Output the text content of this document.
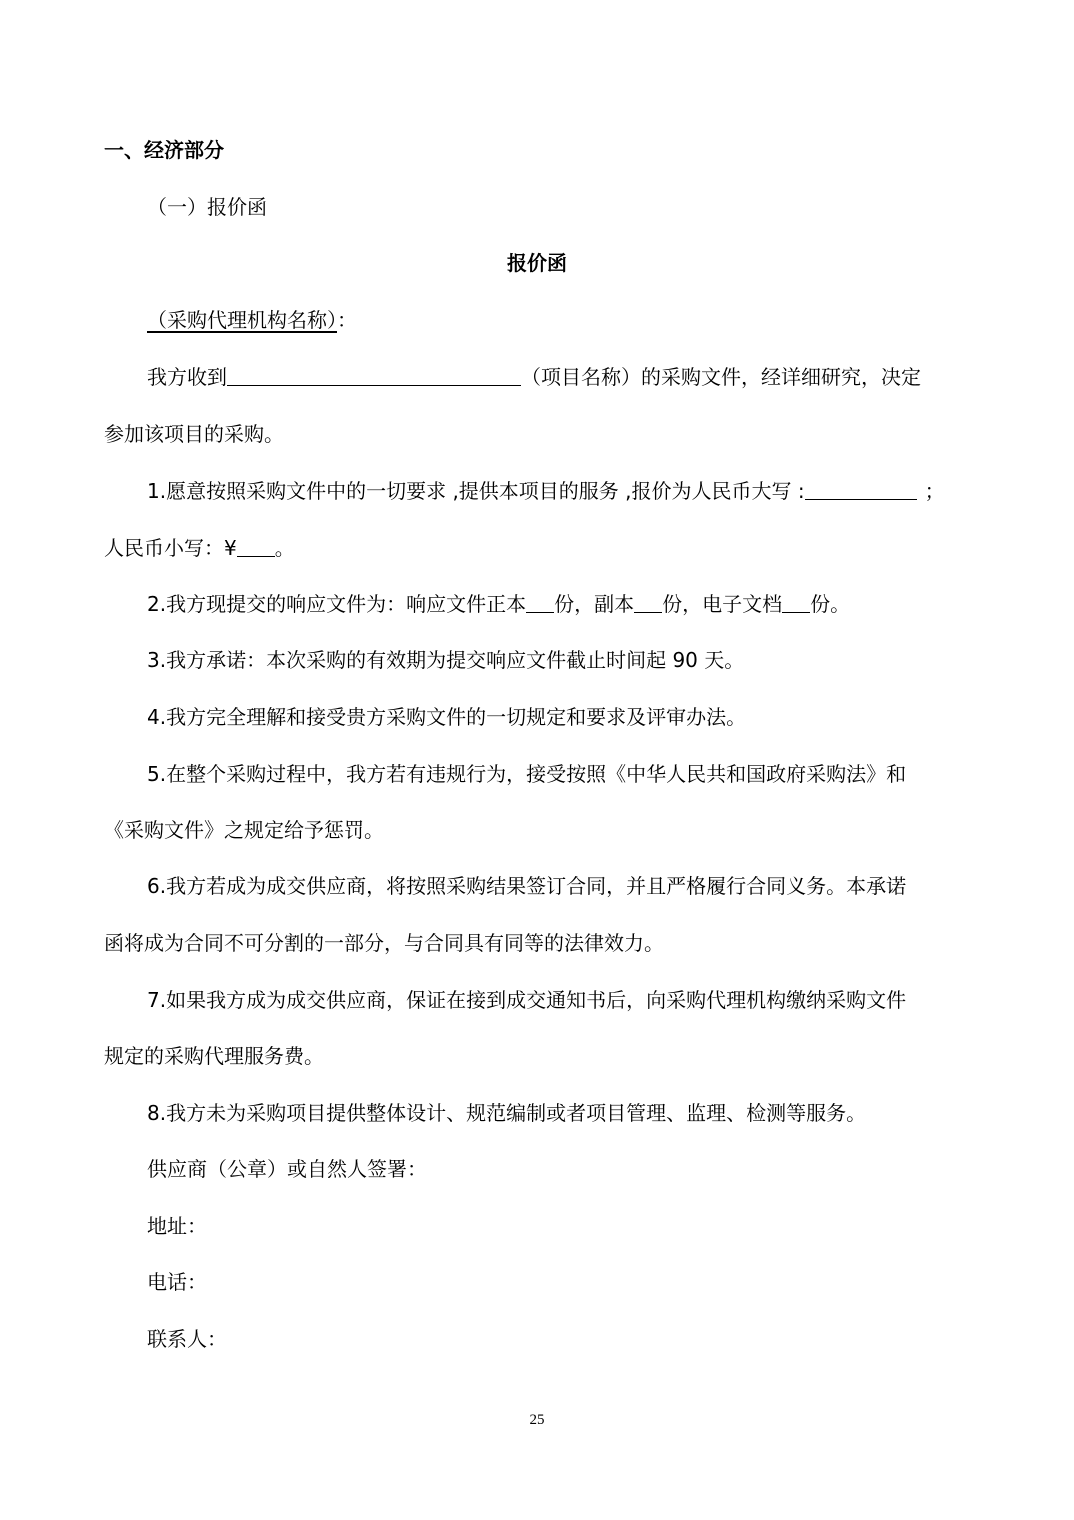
一、经济部分
（一）报价函
报价函
（采购代理机构名称）：
我方收到	（项目名称）的采购文件，经详细研究，决定
参加该项目的采购。
1.愿意按照采购文件中的一切要求 ,提供本项目的服务 ,报价为人民币大写 :	；
人民币小写：¥ 。
2.我方现提交的响应文件为：响应文件正本 份，副本 份，电子文档 份。
3.我方承诺：本次采购的有效期为提交响应文件截止时间起 90 天。
4.我方完全理解和接受贵方采购文件的一切规定和要求及评审办法。
5.在整个采购过程中，我方若有违规行为，接受按照《中华人民共和国政府采购法》和
《采购文件》之规定给予惩罚。
6.我方若成为成交供应商，将按照采购结果签订合同，并且严格履行合同义务。本承诺
函将成为合同不可分割的一部分，与合同具有同等的法律效力。
7.如果我方成为成交供应商，保证在接到成交通知书后，向采购代理机构缴纳采购文件
规定的采购代理服务费。
8.我方未为采购项目提供整体设计、规范编制或者项目管理、监理、检测等服务。
供应商（公章）或自然人签署：
地址：
电话：
联系人：
25
